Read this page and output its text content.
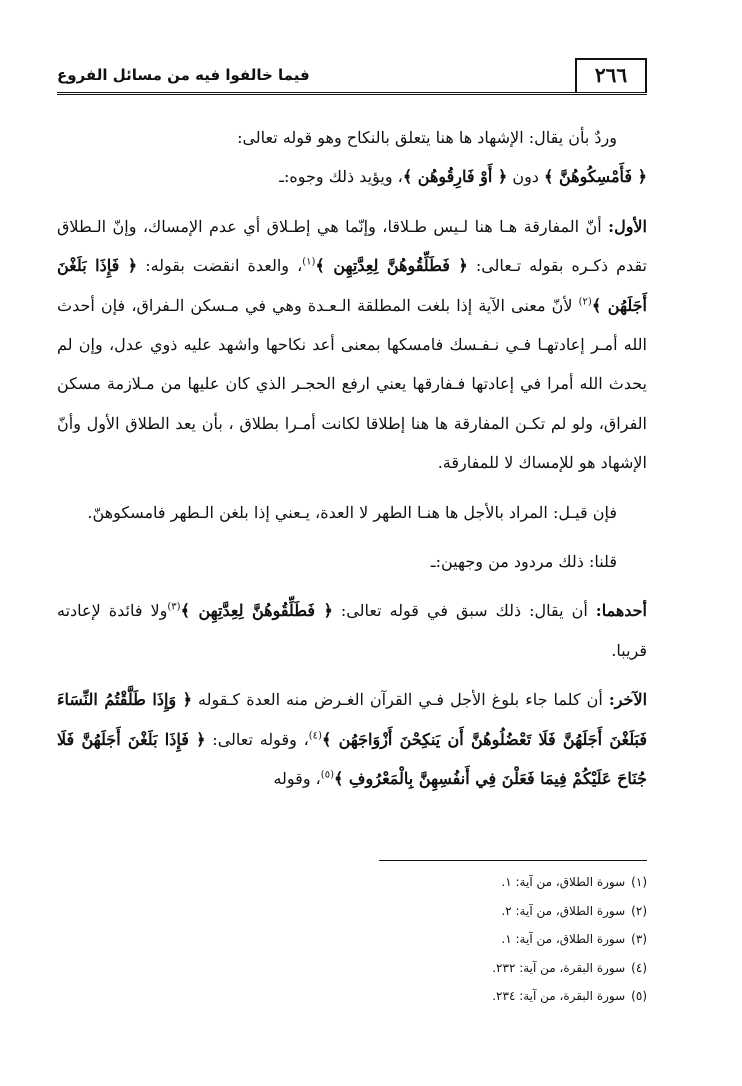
٢٦٦
فيما خالفوا فيه من مسائل الفروع

وردٌ بأن يقال: الإشهاد ها هنا يتعلق بالنكاح وهو قوله تعالى:
﴿ فَأَمْسِكُوهُنَّ ﴾ دون ﴿ أَوْ فَارِقُوهُن ﴾، ويؤيد ذلك وجوه:ـ

الأول: أنّ المفارقة هـا هنا لـيس طـلاقا، وإنّما هي إطـلاق أي عدم الإمساك، وإنّ الـطلاق تقدم ذكـره بقوله تـعالى: ﴿ فَطَلِّقُوهُنَّ لِعِدَّتِهِن ﴾$^{(١)}$، والعدة انقضت بقوله: ﴿ فَإِذَا بَلَغْنَ أَجَلَهُن ﴾$^{(٢)}$ لأنّ معنى الآية إذا بلغت المطلقة الـعـدة وهي في مـسكن الـفراق، فإن أحدث الله أمـر إعادتهـا فـي نـفـسك فامسكها بمعنى أعد نكاحها واشهد عليه ذوي عدل، وإن لم يحدث الله أمرا في إعادتها فـفارقها يعني ارفع الحجـر الذي كان عليها من مـلازمة مسكن الفراق، ولو لم تكـن المفارقة ها هنا إطلاقا لكانت أمـرا بطلاق ، بأن يعد الطلاق الأول وأنّ الإشهاد هو للإمساك لا للمفارقة.

فإن قيـل: المراد بالأجل ها هنـا الطهر لا العدة، يـعني إذا بلغن الـطهر فامسكوهنّ.

قلنا: ذلك مردود من وجهين:ـ

أحدهما: أن يقال: ذلك سبق في قوله تعالى: ﴿ فَطَلِّقُوهُنَّ لِعِدَّتِهِن ﴾$^{(٣)}$ولا فائدة لإعادته قريبا.

الآخر: أن كلما جاء بلوغ الأجل فـي القرآن الغـرض منه العدة كـقوله ﴿ وَإِذَا طَلَّقْتُمُ النِّسَاءَ فَبَلَغْنَ أَجَلَهُنَّ فَلَا تَعْضُلُوهُنَّ أَن يَنكِحْنَ أَزْوَاجَهُن ﴾$^{(٤)}$، وقوله تعالى: ﴿ فَإِذَا بَلَغْنَ أَجَلَهُنَّ فَلَا جُنَاحَ عَلَيْكُمْ فِيمَا فَعَلْنَ فِي أَنفُسِهِنَّ بِالْمَعْرُوفِ ﴾$^{(٥)}$، وقوله

(١)سورة الطلاق، من آية: ١.
(٢)سورة الطلاق، من آية: ٢.
(٣)سورة الطلاق، من آية: ١.
(٤)سورة البقرة، من آية: ٢٣٢.
(٥)سورة البقرة، من آية: ٢٣٤.
